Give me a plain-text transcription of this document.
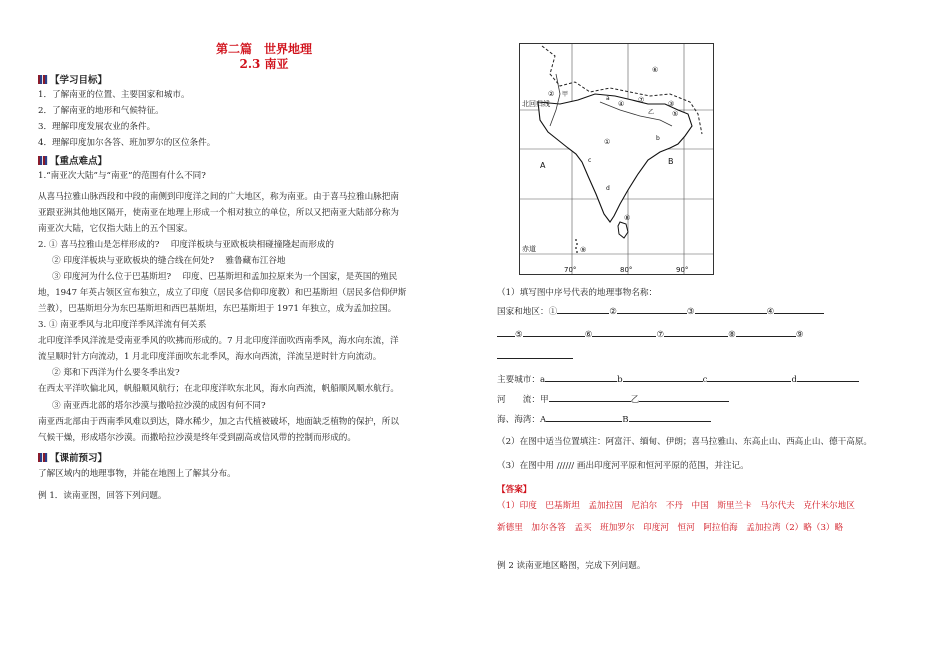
第二篇　世界地理
2.3 南亚
【学习目标】
1．了解南亚的位置、主要国家和城市。
2．了解南亚的地形和气候特征。
3．理解印度发展农业的条件。
4．理解印度加尔各答、班加罗尔的区位条件。
【重点难点】
1.“南亚次大陆”与“南亚”的范围有什么不同?
从喜马拉雅山脉西段和中段的南侧到印度洋之间的广大地区，称为南亚。由于喜马拉雅山脉把南
亚跟亚洲其他地区隔开，使南亚在地理上形成一个相对独立的单位，所以又把南亚大陆部分称为
南亚次大陆，它仅指大陆上的五个国家。
2. ① 喜马拉雅山是怎样形成的?　 印度洋板块与亚欧板块相碰撞隆起而形成的
② 印度洋板块与亚欧板块的缝合线在何处?　 雅鲁藏布江谷地
③ 印度河为什么位于巴基斯坦?　 印度、巴基斯坦和孟加拉原来为一个国家，是英国的殖民
地，1947 年英占领区宣布独立，成立了印度（居民多信仰印度教）和巴基斯坦（居民多信仰伊斯
兰教），巴基斯坦分为东巴基斯坦和西巴基斯坦，东巴基斯坦于 1971 年独立，成为孟加拉国。
3. ① 南亚季风与北印度洋季风洋流有何关系
北印度洋季风洋流是受南亚季风的吹拂而形成的。7 月北印度洋面吹西南季风，海水向东流，洋
流呈顺时针方向流动，1 月北印度洋面吹东北季风，海水向西流，洋流呈逆时针方向流动。
② 郑和下西洋为什么要冬季出发?
在西太平洋吹偏北风，帆船顺风航行；在北印度洋吹东北风，海水向西流，帆船顺风顺水航行。
③ 南亚西北部的塔尔沙漠与撒哈拉沙漠的成因有何不同?
南亚西北部由于西南季风难以到达，降水稀少，加之古代植被破坏，地面缺乏植物的保护，所以
气候干燥，形成塔尔沙漠。而撒哈拉沙漠是终年受到副高或信风带的控制而形成的。
【课前预习】
了解区域内的地理事物，并能在地图上了解其分布。
例 1．读南亚图，回答下列问题。
北回归线
赤道
70°	80°	90°
A	B
⑥
②
①
④ ⑦	③
⑤
⑧
⑨
a
b
c
d
甲
乙
（1）填写图中序号代表的地理事物名称：
国家和地区：①	②	③	④
⑤	⑥	⑦	⑧	⑨
主要城市：a	b	c	d
河　　流：甲	乙
海、海湾：A	B
（2）在图中适当位置填注：阿富汗、缅甸、伊朗；喜马拉雅山、东高止山、西高止山、德干高原。
（3）在图中用 ////// 画出印度河平原和恒河平原的范围，并注记。
【答案】
（1）印度　巴基斯坦　孟加拉国　尼泊尔　不丹　中国　斯里兰卡　马尔代夫　克什米尔地区
新德里　加尔各答　孟买　班加罗尔　印度河　恒河　阿拉伯海　孟加拉湾（2）略（3）略
例 2 读南亚地区略图，完成下列问题。
